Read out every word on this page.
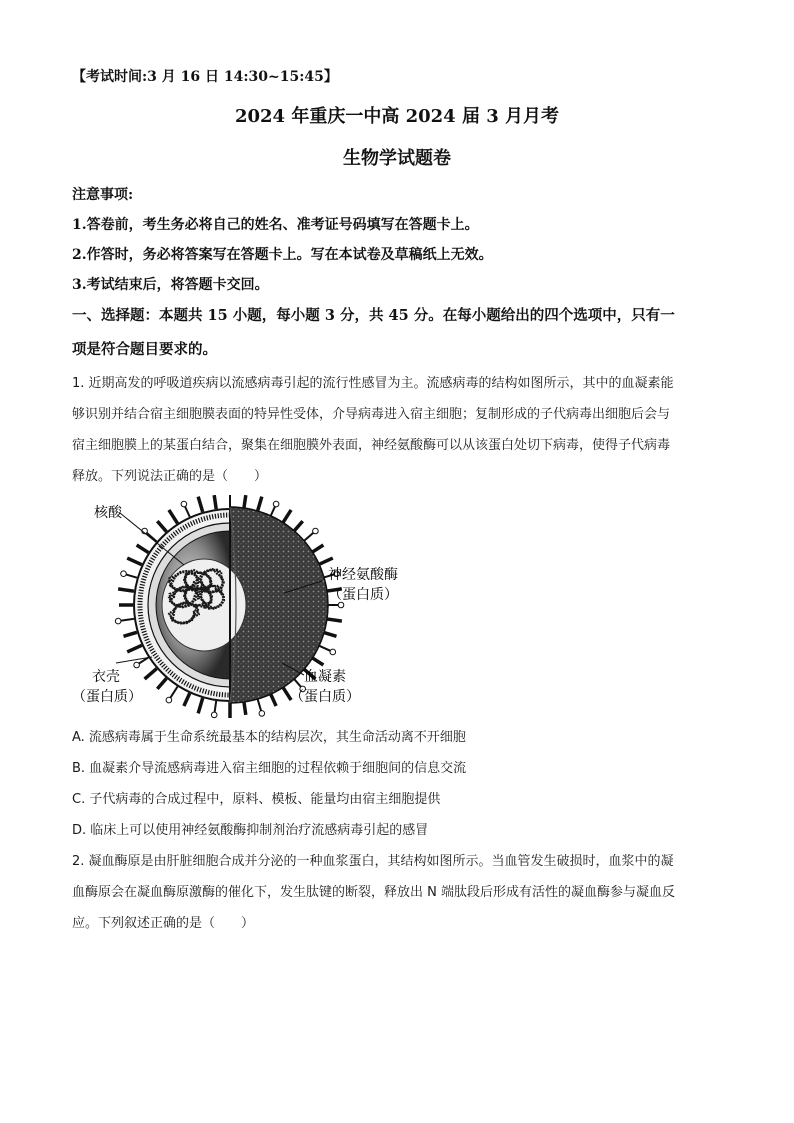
【考试时间:3 月 16 日 14:30~15:45】
2024 年重庆一中高 2024 届 3 月月考
生物学试题卷
注意事项:
1.答卷前，考生务必将自己的姓名、准考证号码填写在答题卡上。
2.作答时，务必将答案写在答题卡上。写在本试卷及草稿纸上无效。
3.考试结束后，将答题卡交回。
一、选择题：本题共 15 小题，每小题 3 分，共 45 分。在每小题给出的四个选项中，只有一
项是符合题目要求的。
1. 近期高发的呼吸道疾病以流感病毒引起的流行性感冒为主。流感病毒的结构如图所示，其中的血凝素能
够识别并结合宿主细胞膜表面的特异性受体，介导病毒进入宿主细胞；复制形成的子代病毒出细胞后会与
宿主细胞膜上的某蛋白结合，聚集在细胞膜外表面，神经氨酸酶可以从该蛋白处切下病毒，使得子代病毒
释放。下列说法正确的是（　　）
核酸
神经氨酸酶
（蛋白质）
衣壳
（蛋白质）
血凝素
（蛋白质）
A. 流感病毒属于生命系统最基本的结构层次，其生命活动离不开细胞
B. 血凝素介导流感病毒进入宿主细胞的过程依赖于细胞间的信息交流
C. 子代病毒的合成过程中，原料、模板、能量均由宿主细胞提供
D. 临床上可以使用神经氨酸酶抑制剂治疗流感病毒引起的感冒
2. 凝血酶原是由肝脏细胞合成并分泌的一种血浆蛋白，其结构如图所示。当血管发生破损时，血浆中的凝
血酶原会在凝血酶原激酶的催化下，发生肽键的断裂，释放出 N 端肽段后形成有活性的凝血酶参与凝血反
应。下列叙述正确的是（　　）
